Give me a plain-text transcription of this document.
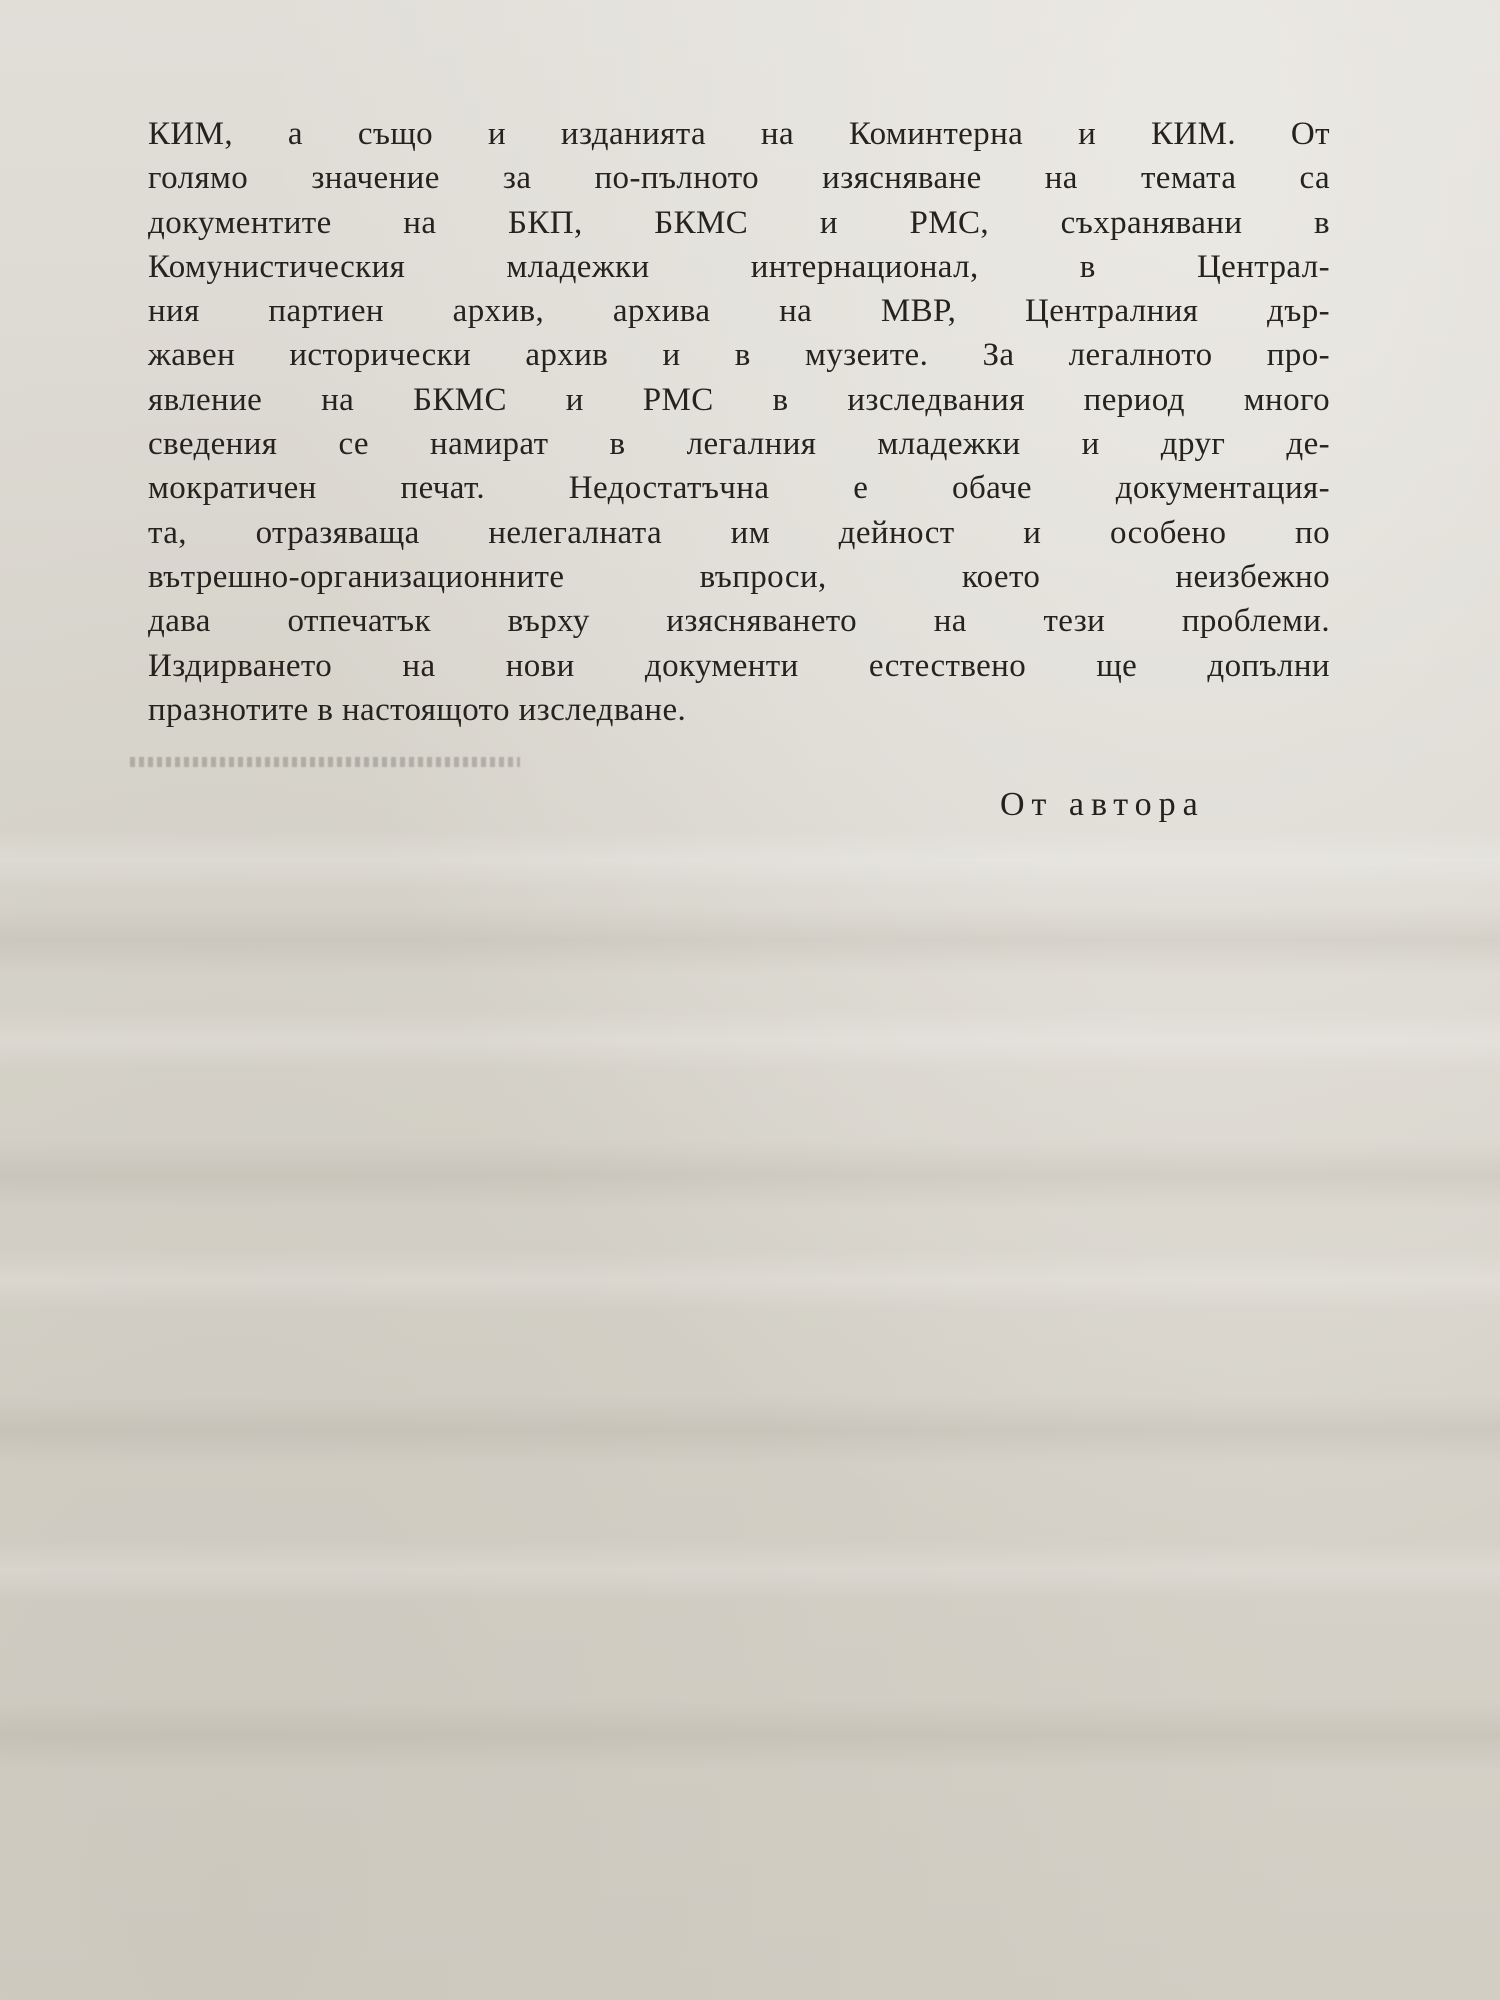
КИМ, а също и изданията на Коминтерна и КИМ. От
голямо значение за по-пълното изясняване на темата са
документите на БКП, БКМС и РМС, съхранявани в
Комунистическия младежки интернационал, в Централ-
ния партиен архив, архива на МВР, Централния дър-
жавен исторически архив и в музеите. За легалното про-
явление на БКМС и РМС в изследвания период много
сведения се намират в легалния младежки и друг де-
мократичен печат. Недостатъчна е обаче документация-
та, отразяваща нелегалната им дейност и особено по
вътрешно-организационните въпроси, което неизбежно
дава отпечатък върху изясняването на тези проблеми.
Издирването на нови документи естествено ще допълни
празнотите в настоящото изследване.
От автора
